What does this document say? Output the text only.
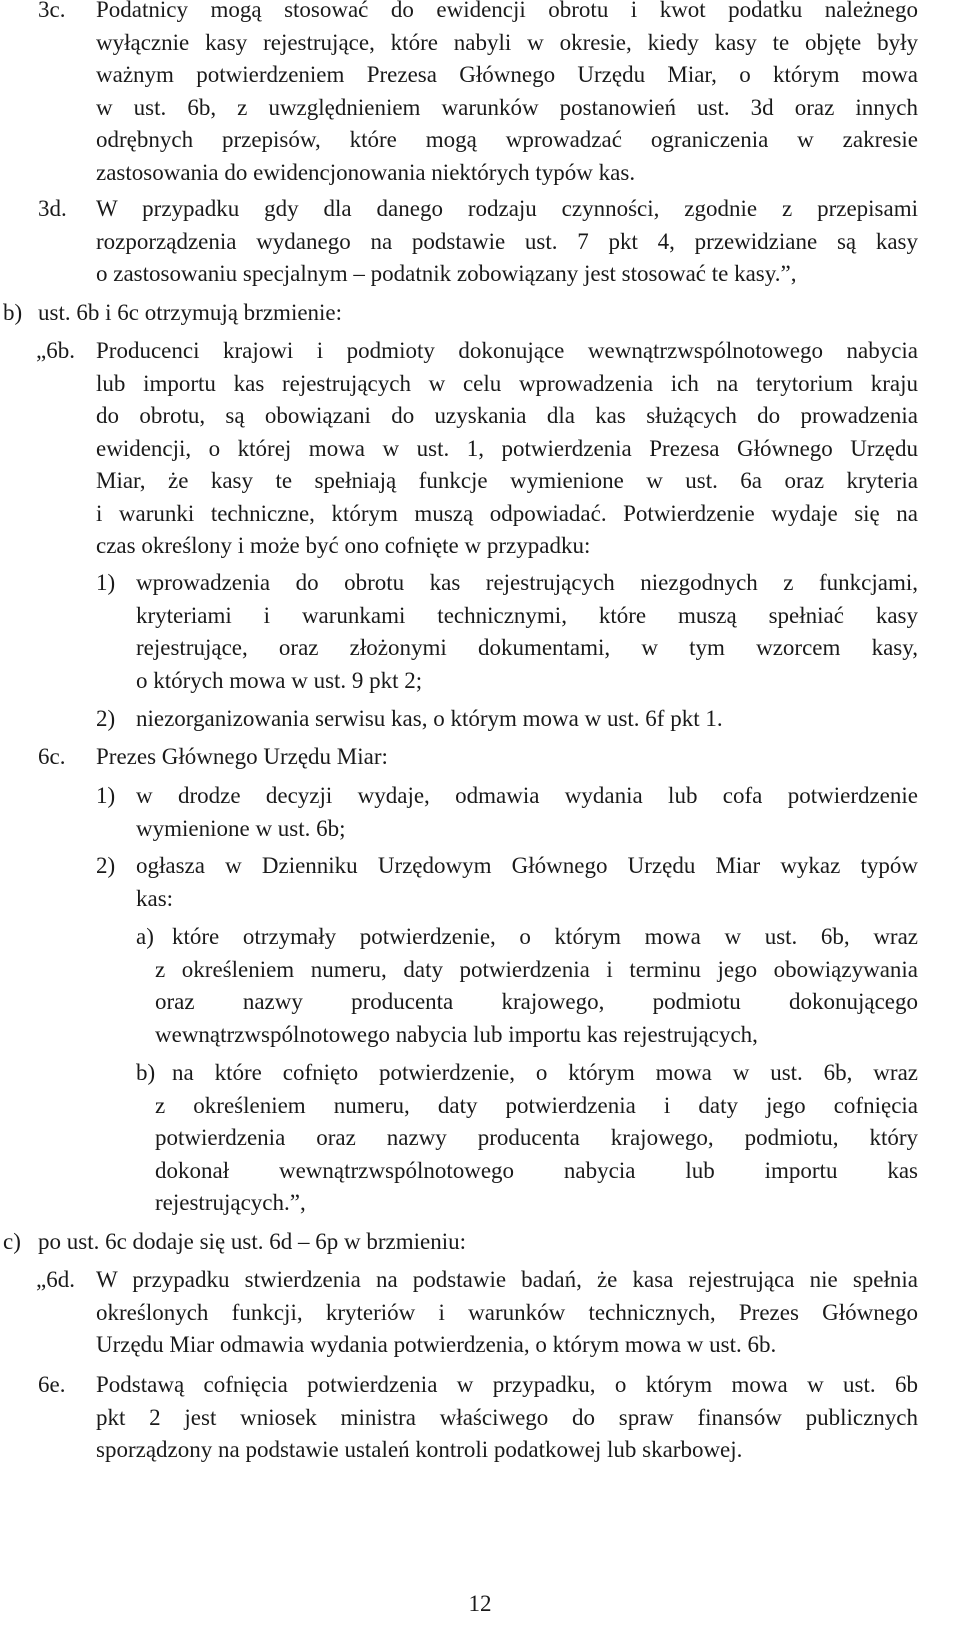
3c. Podatnicy mogą stosować do ewidencji obrotu i kwot podatku należnego
wyłącznie kasy rejestrujące, które nabyli w okresie, kiedy kasy te objęte były
ważnym potwierdzeniem Prezesa Głównego Urzędu Miar, o którym mowa
w ust. 6b, z uwzględnieniem warunków postanowień ust. 3d oraz innych
odrębnych przepisów, które mogą wprowadzać ograniczenia w zakresie
zastosowania do ewidencjonowania niektórych typów kas.
3d. W przypadku gdy dla danego rodzaju czynności, zgodnie z przepisami
rozporządzenia wydanego na podstawie ust. 7 pkt 4, przewidziane są kasy
o zastosowaniu specjalnym – podatnik zobowiązany jest stosować te kasy.”,
b) ust. 6b i 6c otrzymują brzmienie:
„6b. Producenci krajowi i podmioty dokonujące wewnątrzwspólnotowego nabycia
lub importu kas rejestrujących w celu wprowadzenia ich na terytorium kraju
do obrotu, są obowiązani do uzyskania dla kas służących do prowadzenia
ewidencji, o której mowa w ust. 1, potwierdzenia Prezesa Głównego Urzędu
Miar, że kasy te spełniają funkcje wymienione w ust. 6a oraz kryteria
i warunki techniczne, którym muszą odpowiadać. Potwierdzenie wydaje się na
czas określony i może być ono cofnięte w przypadku:
1) wprowadzenia do obrotu kas rejestrujących niezgodnych z funkcjami,
kryteriami i warunkami technicznymi, które muszą spełniać kasy
rejestrujące, oraz złożonymi dokumentami, w tym wzorcem kasy,
o których mowa w ust. 9 pkt 2;
2) niezorganizowania serwisu kas, o którym mowa w ust. 6f pkt 1.
6c. Prezes Głównego Urzędu Miar:
1) w drodze decyzji wydaje, odmawia wydania lub cofa potwierdzenie
wymienione w ust. 6b;
2) ogłasza w Dzienniku Urzędowym Głównego Urzędu Miar wykaz typów
kas:
a) które otrzymały potwierdzenie, o którym mowa w ust. 6b, wraz
z określeniem numeru, daty potwierdzenia i terminu jego obowiązywania
oraz nazwy producenta krajowego, podmiotu dokonującego
wewnątrzwspólnotowego nabycia lub importu kas rejestrujących,
b) na które cofnięto potwierdzenie, o którym mowa w ust. 6b, wraz
z określeniem numeru, daty potwierdzenia i daty jego cofnięcia
potwierdzenia oraz nazwy producenta krajowego, podmiotu, który
dokonał wewnątrzwspólnotowego nabycia lub importu kas
rejestrujących.”,
c) po ust. 6c dodaje się ust. 6d – 6p w brzmieniu:
„6d. W przypadku stwierdzenia na podstawie badań, że kasa rejestrująca nie spełnia
określonych funkcji, kryteriów i warunków technicznych, Prezes Głównego
Urzędu Miar odmawia wydania potwierdzenia, o którym mowa w ust. 6b.
6e. Podstawą cofnięcia potwierdzenia w przypadku, o którym mowa w ust. 6b
pkt 2 jest wniosek ministra właściwego do spraw finansów publicznych
sporządzony na podstawie ustaleń kontroli podatkowej lub skarbowej.
12
